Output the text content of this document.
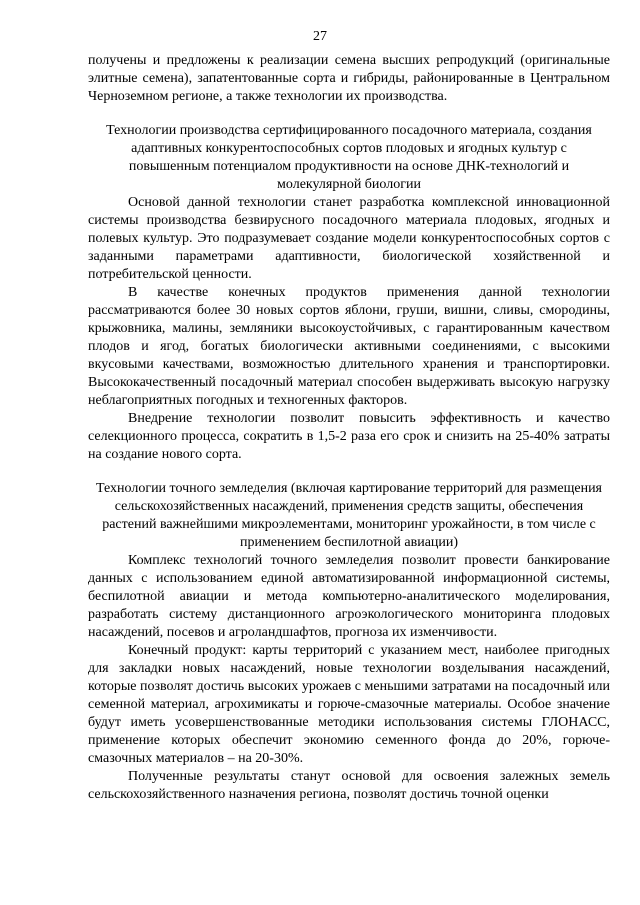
27

получены и предложены к реализации семена высших репродукций (оригинальные элитные семена), запатентованные сорта и гибриды, районированные в Центральном Черноземном регионе, а также технологии их производства.

Технологии производства сертифицированного посадочного материала, создания адаптивных конкурентоспособных сортов плодовых и ягодных культур с повышенным потенциалом продуктивности на основе ДНК-технологий и молекулярной биологии

Основой данной технологии станет разработка комплексной инновационной системы производства безвирусного посадочного материала плодовых, ягодных и полевых культур. Это подразумевает создание модели конкурентоспособных сортов с заданными параметрами адаптивности, биологической хозяйственной и потребительской ценности.

В качестве конечных продуктов применения данной технологии рассматриваются более 30 новых сортов яблони, груши, вишни, сливы, смородины, крыжовника, малины, земляники высокоустойчивых, с гарантированным качеством плодов и ягод, богатых биологически активными соединениями, с высокими вкусовыми качествами, возможностью длительного хранения и транспортировки. Высококачественный посадочный материал способен выдерживать высокую нагрузку неблагоприятных погодных и техногенных факторов.

Внедрение технологии позволит повысить эффективность и качество селекционного процесса, сократить в 1,5-2 раза его срок и снизить на 25-40% затраты на создание нового сорта.

Технологии точного земледелия (включая картирование территорий для размещения сельскохозяйственных насаждений, применения средств защиты, обеспечения растений важнейшими микроэлементами, мониторинг урожайности, в том числе с применением беспилотной авиации)

Комплекс технологий точного земледелия позволит провести банкирование данных с использованием единой автоматизированной информационной системы, беспилотной авиации и метода компьютерно-аналитического моделирования, разработать систему дистанционного агроэкологического мониторинга плодовых насаждений, посевов и агроландшафтов, прогноза их изменчивости.

Конечный продукт: карты территорий с указанием мест, наиболее пригодных для закладки новых насаждений, новые технологии возделывания насаждений, которые позволят достичь высоких урожаев с меньшими затратами на посадочный или семенной материал, агрохимикаты и горюче-смазочные материалы. Особое значение будут иметь усовершенствованные методики использования системы ГЛОНАСС, применение которых обеспечит экономию семенного фонда до 20%, горюче-смазочных материалов – на 20-30%.

Полученные результаты станут основой для освоения залежных земель сельскохозяйственного назначения региона, позволят достичь точной оценки
